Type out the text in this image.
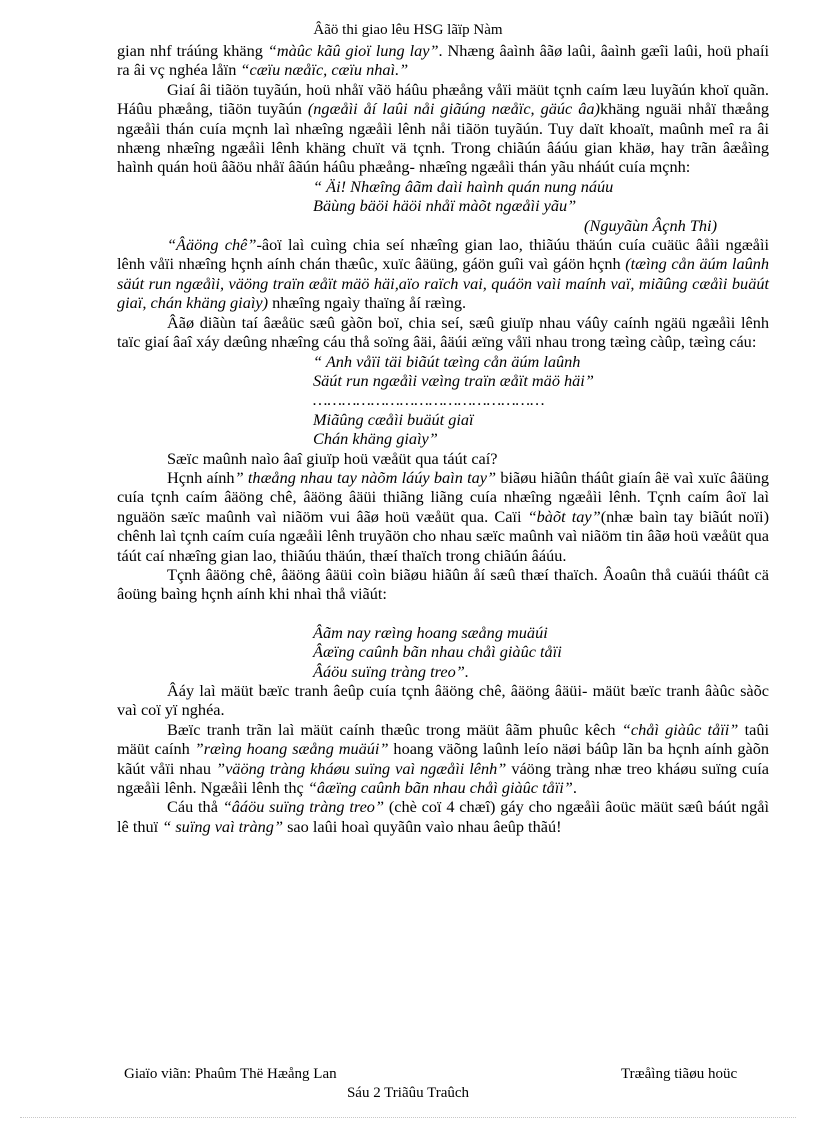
Âãö thi giao lêu HSG lãïp Nàm

gian nhf tráúng khäng “màûc kãû gioï lung lay”. Nhæng âaình âãø laûi, âaình gæîi laûi, hoü phaíi ra âi vç nghéa låïn “cæïu næåïc, cæïu nhaì.”

Giaí âi tiãön tuyãún, hoü nhåï vãö háûu phæång våïi mäüt tçnh caím læu luyãún khoï quãn. Háûu phæång, tiãön tuyãún (ngæåìi åí laûi nåi giãúng næåïc, gäúc âa)khäng nguäi nhåï thæång ngæåìi thán cuía mçnh laì nhæîng ngæåìi lênh nåi tiãön tuyãún. Tuy daït khoaït, maûnh meî ra âi nhæng nhæîng ngæåìi lênh khäng chuït vä tçnh. Trong chiãún âáúu gian khäø, hay trãn âæåìng haình quán hoü âãöu nhåï âãún háûu phæång- nhæîng ngæåìi thán yãu nháút cuía mçnh:

“ Äi! Nhæîng âãm daìi haình quán nung náúu
Bäùng bäöi häöi nhåï màõt ngæåìi yãu”

(Nguyãùn Âçnh Thi)

“Âäöng chê”-âoï laì cuìng chia seí nhæîng gian lao, thiãúu thäún cuía cuäüc âåìi ngæåìi lênh våïi nhæîng hçnh aính chán thæûc, xuïc âäüng, gáön guîi vaì gáön hçnh (tæìng cån äúm laûnh säút run ngæåìi, väöng traïn æåït mäö häi,aïo raïch vai, quáön vaìi maính vaï, miãûng cæåìi buäút giaï, chán khäng giaìy) nhæîng ngaìy thaïng åí ræìng.

Âãø diãùn taí âæåüc sæû gàõn boï, chia seí, sæû giuïp nhau váûy caính ngäü ngæåìi lênh taïc giaí âaî xáy dæûng nhæîng cáu thå soïng âäi, âäúi æïng våïi nhau trong tæìng càûp, tæìng cáu:

“ Anh våïi täi biãút tæìng cån äúm laûnh
Säút run ngæåìi væìng traïn æåït mäö häi”
…………………………………………
Miãûng cæåìi buäút giaï
Chán khäng giaìy”

Sæïc maûnh naìo âaî giuïp hoü væåüt qua táút caí?

Hçnh aính” thæång nhau tay nàõm láúy baìn tay” biãøu hiãûn tháût giaín âë vaì xuïc âäüng cuía tçnh caím âäöng chê, âäöng âäüi thiãng liãng cuía nhæîng ngæåìi lênh. Tçnh caím âoï laì nguäön sæïc maûnh vaì niãöm vui âãø hoü væåüt qua. Caïi “bàõt tay”(nhæ baìn tay biãút noïi) chênh laì tçnh caím cuía ngæåìi lênh truyãön cho nhau sæïc maûnh vaì niãöm tin âãø hoü væåüt qua táút caí nhæîng gian lao, thiãúu thäún, thæí thaïch trong chiãún âáúu.

Tçnh âäöng chê, âäöng âäüi coìn biãøu hiãûn åí sæû thæí thaïch. Âoaûn thå cuäúi tháût cä âoüng baìng hçnh aính khi nhaì thå viãút:

Âãm nay ræìng hoang sæång muäúi
Âæïng caûnh bãn nhau chåì giàûc tåïi
Âáöu suïng tràng treo”.

Âáy laì mäüt bæïc tranh âeûp cuía tçnh âäöng chê, âäöng âäüi- mäüt bæïc tranh âàûc sàõc vaì coï yï nghéa.

Bæïc tranh trãn laì mäüt caính thæûc trong mäüt âãm phuûc kêch “chåì giàûc tåïi” taûi mäüt caính ”ræìng hoang sæång muäúi” hoang väõng laûnh leío näøi báûp lãn ba hçnh aính gàõn kãút våïi nhau ”väöng tràng kháøu suïng vaì ngæåìi lênh” váöng tràng nhæ treo kháøu suïng cuía ngæåìi lênh. Ngæåìi lênh thç “âæïng caûnh bãn nhau chåì giàûc tåïi”.

Cáu thå “âáöu suïng tràng treo” (chè coï 4 chæî) gáy cho ngæåìi âoüc mäüt sæû báút ngåì lê thuï “ suïng vaì tràng” sao laûi hoaì quyãûn vaìo nhau âeûp thãú!

Giaïo viãn: Phaûm Thë Hæång Lan	Træåìng tiãøu hoüc
Sáu 2 Triãûu Traûch
